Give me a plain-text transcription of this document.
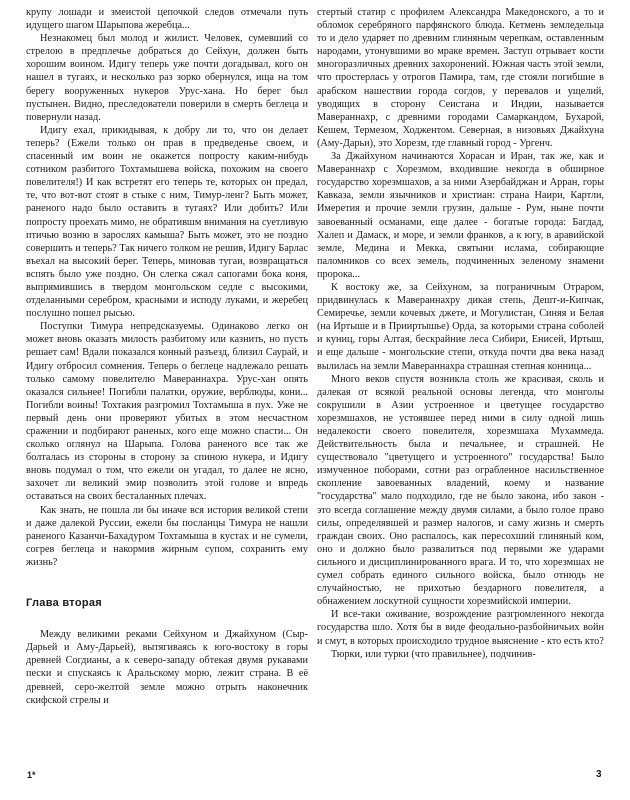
крупу лошади и змеистой цепочкой следов отмечали путь идущего шагом Шарыпова жеребца...

Незнакомец был молод и жилист. Человек, сумевший со стрелою в предплечье добраться до Сейхун, должен быть хорошим воином. Идигу теперь уже почти догадывал, кого он нашел в тугаях, и несколько раз зорко обернулся, ища на том берегу вооруженных нукеров Урус-хана. Но берег был пустынен. Видно, преследователи поверили в смерть беглеца и повернули назад.

Идигу ехал, прикидывая, к добру ли то, что он делает теперь? (Ежели только он прав в предведенье своем, и спасенный им воин не окажется попросту каким-нибудь сотником разбитого Тохтамышева войска, похожим на своего повелителя!) И как встретят его теперь те, которых он предал, те, что вот-вот стоят в стыке с ним, Тимур-ленг? Быть может, раненого надо было оставить в тугаях? Или добить? Или попросту проехать мимо, не обратившм внимания на суетливую птичью возню в зарослях камыша? Быть может, это не поздно совершить и теперь? Так ничего толком не решив, Идигу Барлас въехал на высокий берег. Теперь, миновав тугаи, возвращаться вспять было уже поздно. Он слегка сжал сапогами бока коня, выпрямившись в твердом монгольском седле с высокими, отделанными серебром, красными и исподу луками, и жеребец послушно пошел рысью.

Поступки Тимура непредсказуемы. Одинаково легко он может вновь оказать милость разбитому или казнить, но пусть решает сам! Вдали показался конный разъезд, близил Саурай, и Идигу отбросил сомнения. Теперь о беглеце надлежало решать только самому повелителю Мавераннахра. Урус-хан опять оказался сильнее! Погибли палатки, оружие, верблюды, кони... Погибли воины! Тохтакия разгромил Тохтамыша в пух. Уже не первый день они проверяют убитых в этом несчастном сражении и подбирают раненых, кого еще можно спасти... Он сколько оглянул на Шарыпа. Голова раненого все так же болталась из стороны в сторону за спиною нукера, и Идигу вновь подумал о том, что ежели он угадал, то далее не ясно, захочет ли великий эмир позволить этой голове и впредь оставаться на своих бесталанных плечах.

Как знать, не пошла ли бы иначе вся история великой степи и даже далекой Руссии, ежели бы посланцы Тимура не нашли раненого Казанчи-Бахадуром Тохтамыша в кустах и не сумели, согрев беглеца и накормив жирным супом, сохранить ему жизнь?

Глава вторая

Между великими реками Сейхуном и Джайхуном (Сыр-Дарьей и Аму-Дарьей), вытягиваясь к юго-востоку в горы древней Согдианы, а к северо-западу обтекая двумя рукавами пески и спускаясь к Аральскому морю, лежит страна. В её древней, серо-желтой земле можно отрыть наконечник скифской стрелы и

стертый статир с профилем Александра Македонского, а то и обломок серебряного парфянского блюда. Кетмень земледельца то и дело ударяет по древним глиняным черепкам, оставленным народами, утонувшими во мраке времен. Заступ отрывает кости многоразличных древних захоронений. Южная часть этой земли, что простерлась у отрогов Памира, там, где стояли погибшие в арабском нашествии города согдов, у перевалов и ущелий, уводящих в сторону Сеистана и Индии, называется Мавераннахр, с древними городами Самаркандом, Бухарой, Кешем, Термезом, Ходжентом. Северная, в низовьях Джайхуна (Аму-Дарьи), это Хорезм, где главный город - Ургенч.

За Джайхуном начинаются Хорасан и Иран, так же, как и Мавераннахр с Хорезмом, входившие некогда в обширное государство хорезмшахов, а за ними Азербайджан и Арран, горы Кавказа, земли язычников и христиан: страна Наири, Картли, Имеретия и прочие земли грузин, дальше - Рум, ныне почти завоеванный османами, еще далее - богатые города: Багдад, Халеп и Дамаск, и море, и земли франков, а к югу, в аравийской земле, Медина и Мекка, святыни ислама, собирающие паломников со всех земель, подчиненных зеленому знамени пророка...

К востоку же, за Сейхуном, за пограничным Отраром, придвинулась к Мавераннахру дикая степь, Дешт-и-Кипчак, Семиречье, земли кочевых джете, и Могулистан, Синяя и Белая (на Иртыше и в Прииртышье) Орда, за которыми страна соболей и куниц, горы Алтая, бескрайние леса Сибири, Енисей, Иртыш, и еще дальше - монгольские степи, откуда почти два века назад вылилась на земли Мавераннахра страшная степная конница...

Много веков спустя возникла столь же красивая, сколь и далекая от всякой реальной основы легенда, что монголы сокрушили в Азии устроенное и цветущее государство хорезмшахов, не устоявшее перед ними в силу одной лишь недалекости своего повелителя, хорезмшаха Мухаммеда. Действительность была и печальнее, и страшней. Не существовало "цветущего и устроенного" государства! Было измученное поборами, сотни раз ограбленное насильственное скопление завоеванных владений, коему и название "государства" мало подходило, где не было закона, ибо закон - это всегда соглашение между двумя силами, а было голое право силы, определявшей и размер налогов, и саму жизнь и смерть граждан своих. Оно распалось, как пересохший глиняный ком, оно и должно было развалиться под первыми же ударами сильного и дисциплинированного врага. И то, что хорезмшах не сумел собрать единого сильного войска, было отнюдь не случайностью, не прихотью бездарного повелителя, а обнажением лоскутной сущности хорезмийской империи.

И все-таки оживание, возрождение разгромленного некогда государства шло. Хотя бы в виде феодально-разбойничьих войн и смут, в которых происходило трудное выяснение - кто есть кто?

Тюрки, или турки (что правильнее), подчинив-

1*	3
